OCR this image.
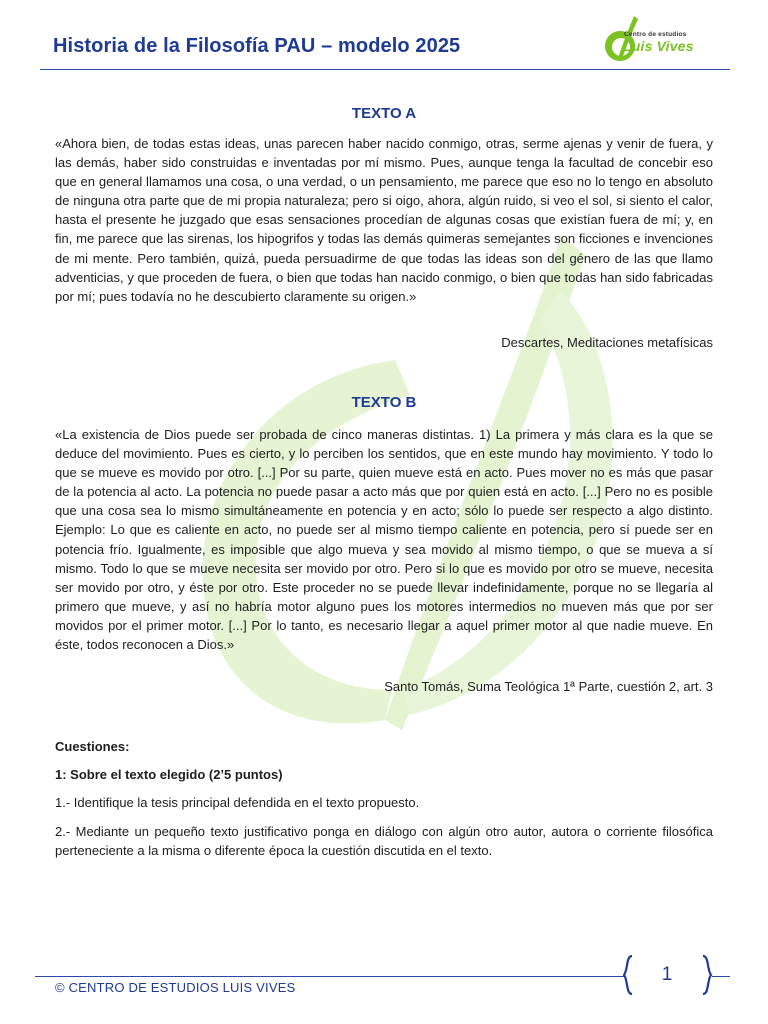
Historia de la Filosofía PAU – modelo 2025
Centro de estudios
Luis Vives
TEXTO A

«Ahora bien, de todas estas ideas, unas parecen haber nacido conmigo, otras, serme ajenas y venir de fuera, y las demás, haber sido construidas e inventadas por mí mismo. Pues, aunque tenga la facultad de concebir eso que en general llamamos una cosa, o una verdad, o un pensamiento, me parece que eso no lo tengo en absoluto de ninguna otra parte que de mi propia naturaleza; pero si oigo, ahora, algún ruido, si veo el sol, si siento el calor, hasta el presente he juzgado que esas sensaciones procedían de algunas cosas que existían fuera de mí; y, en fin, me parece que las sirenas, los hipogrifos y todas las demás quimeras semejantes son ficciones e invenciones de mi mente. Pero también, quizá, pueda persuadirme de que todas las ideas son del género de las que llamo adventicias, y que proceden de fuera, o bien que todas han nacido conmigo, o bien que todas han sido fabricadas por mí; pues todavía no he descubierto claramente su origen.»

Descartes, Meditaciones metafísicas
TEXTO B

«La existencia de Dios puede ser probada de cinco maneras distintas. 1) La primera y más clara es la que se deduce del movimiento. Pues es cierto, y lo perciben los sentidos, que en este mundo hay movimiento. Y todo lo que se mueve es movido por otro. [...] Por su parte, quien mueve está en acto. Pues mover no es más que pasar de la potencia al acto. La potencia no puede pasar a acto más que por quien está en acto. [...] Pero no es posible que una cosa sea lo mismo simultáneamente en potencia y en acto; sólo lo puede ser respecto a algo distinto. Ejemplo: Lo que es caliente en acto, no puede ser al mismo tiempo caliente en potencia, pero sí puede ser en potencia frío. Igualmente, es imposible que algo mueva y sea movido al mismo tiempo, o que se mueva a sí mismo. Todo lo que se mueve necesita ser movido por otro. Pero si lo que es movido por otro se mueve, necesita ser movido por otro, y éste por otro. Este proceder no se puede llevar indefinidamente, porque no se llegaría al primero que mueve, y así no habría motor alguno pues los motores intermedios no mueven más que por ser movidos por el primer motor. [...] Por lo tanto, es necesario llegar a aquel primer motor al que nadie mueve. En éste, todos reconocen a Dios.»

Santo Tomás, Suma Teológica 1ª Parte, cuestión 2, art. 3
Cuestiones:
1: Sobre el texto elegido (2’5 puntos)
1.- Identifique la tesis principal defendida en el texto propuesto.

2.- Mediante un pequeño texto justificativo ponga en diálogo con algún otro autor, autora o corriente filosófica perteneciente a la misma o diferente época la cuestión discutida en el texto.

1
© CENTRO DE ESTUDIOS LUIS VIVES
